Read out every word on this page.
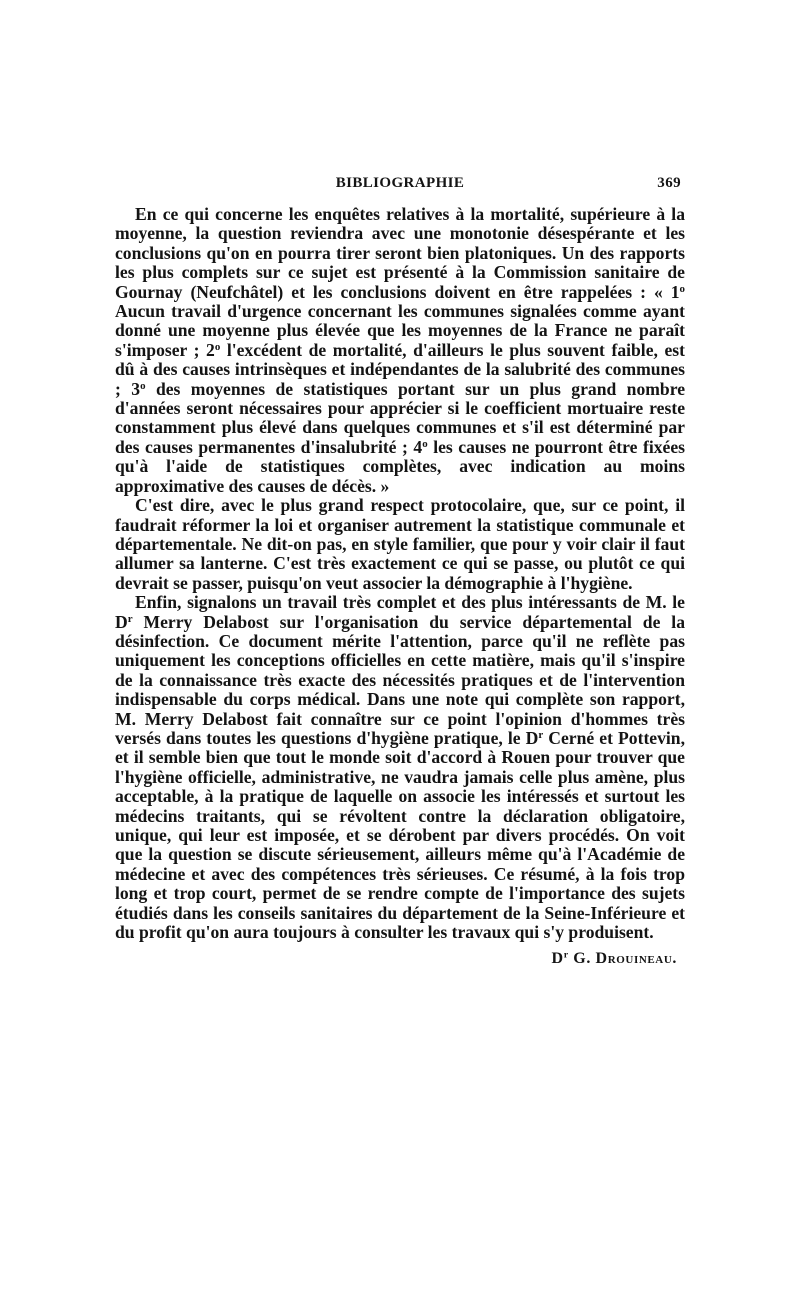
BIBLIOGRAPHIE	369

En ce qui concerne les enquêtes relatives à la mortalité, supérieure à la moyenne, la question reviendra avec une monotonie désespérante et les conclusions qu'on en pourra tirer seront bien platoniques. Un des rapports les plus complets sur ce sujet est présenté à la Commission sanitaire de Gournay (Neufchâtel) et les conclusions doivent en être rappelées : « 1$^o$ Aucun travail d'urgence concernant les communes signalées comme ayant donné une moyenne plus élevée que les moyennes de la France ne paraît s'imposer ; 2$^o$ l'excédent de mortalité, d'ailleurs le plus souvent faible, est dû à des causes intrinsèques et indépendantes de la salubrité des communes ; 3$^o$ des moyennes de statistiques portant sur un plus grand nombre d'années seront nécessaires pour apprécier si le coefficient mortuaire reste constamment plus élevé dans quelques communes et s'il est déterminé par des causes permanentes d'insalubrité ; 4$^o$ les causes ne pourront être fixées qu'à l'aide de statistiques complètes, avec indication au moins approximative des causes de décès. »

C'est dire, avec le plus grand respect protocolaire, que, sur ce point, il faudrait réformer la loi et organiser autrement la statistique communale et départementale. Ne dit-on pas, en style familier, que pour y voir clair il faut allumer sa lanterne. C'est très exactement ce qui se passe, ou plutôt ce qui devrait se passer, puisqu'on veut associer la démographie à l'hygiène.

Enfin, signalons un travail très complet et des plus intéressants de M. le $D^r$ Merry Delabost sur l'organisation du service départemental de la désinfection. Ce document mérite l'attention, parce qu'il ne reflète pas uniquement les conceptions officielles en cette matière, mais qu'il s'inspire de la connaissance très exacte des nécessités pratiques et de l'intervention indispensable du corps médical. Dans une note qui complète son rapport, M. Merry Delabost fait connaître sur ce point l'opinion d'hommes très versés dans toutes les questions d'hygiène pratique, le $D^r$ Cerné et Pottevin, et il semble bien que tout le monde soit d'accord à Rouen pour trouver que l'hygiène officielle, administrative, ne vaudra jamais celle plus amène, plus acceptable, à la pratique de laquelle on associe les intéressés et surtout les médecins traitants, qui se révoltent contre la déclaration obligatoire, unique, qui leur est imposée, et se dérobent par divers procédés. On voit que la question se discute sérieusement, ailleurs même qu'à l'Académie de médecine et avec des compétences très sérieuses. Ce résumé, à la fois trop long et trop court, permet de se rendre compte de l'importance des sujets étudiés dans les conseils sanitaires du département de la Seine-Inférieure et du profit qu'on aura toujours à consulter les travaux qui s'y produisent.

$D^r$ G. Drouineau.
